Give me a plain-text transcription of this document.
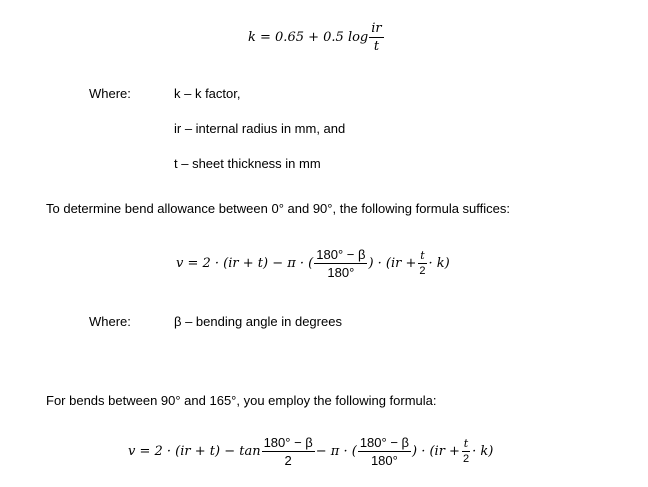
k = 0.65 + 0.5 $\log \frac{ir}{t}$
Where:	k – k factor,
ir – internal radius in mm, and
t – sheet thickness in mm
To determine bend allowance between 0° and 90°, the following formula suffices:
v = 2 · (ir + t) − π · ( $\frac{180^\circ - \beta}{180^\circ}$ ) · $(ir + \frac{t}{2} \cdot k)$
Where:	β – bending angle in degrees
For bends between 90° and 165°, you employ the following formula:
$v = 2 \cdot (ir + t) - \tan \frac{180^\circ - \beta}{2} - \pi$ · ( $\frac{180^\circ - \beta}{180^\circ}$ ) · $(ir + \frac{t}{2} \cdot k)$
